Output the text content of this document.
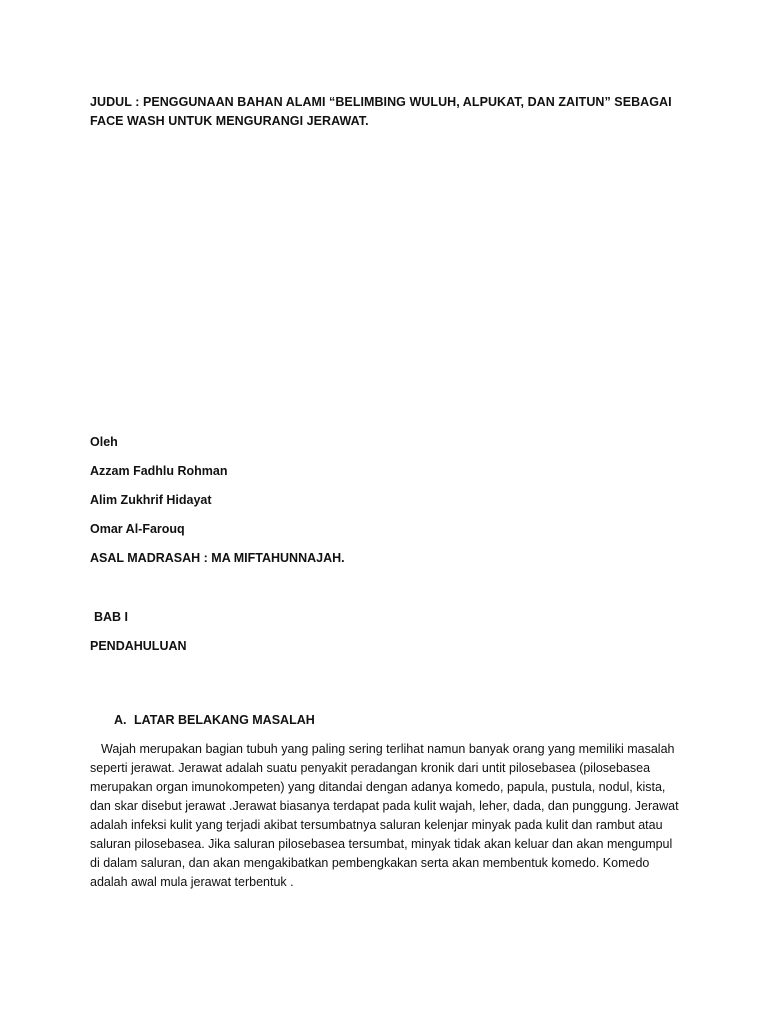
JUDUL : PENGGUNAAN BAHAN ALAMI “BELIMBING WULUH, ALPUKAT, DAN ZAITUN” SEBAGAI FACE WASH UNTUK MENGURANGI JERAWAT.
Oleh
Azzam Fadhlu Rohman
Alim Zukhrif Hidayat
Omar Al-Farouq
ASAL MADRASAH : MA MIFTAHUNNAJAH.
BAB I
PENDAHULUAN
A. LATAR BELAKANG MASALAH
Wajah merupakan bagian tubuh yang paling sering terlihat namun banyak orang yang memiliki masalah seperti jerawat. Jerawat adalah suatu penyakit peradangan kronik dari untit pilosebasea (pilosebasea merupakan organ imunokompeten) yang ditandai dengan adanya komedo, papula, pustula, nodul, kista, dan skar disebut jerawat .Jerawat biasanya terdapat pada kulit wajah, leher, dada, dan punggung. Jerawat adalah infeksi kulit yang terjadi akibat tersumbatnya saluran kelenjar minyak pada kulit dan rambut atau saluran pilosebasea. Jika saluran pilosebasea tersumbat, minyak tidak akan keluar dan akan mengumpul di dalam saluran, dan akan mengakibatkan pembengkakan serta akan membentuk komedo. Komedo adalah awal mula jerawat terbentuk .
